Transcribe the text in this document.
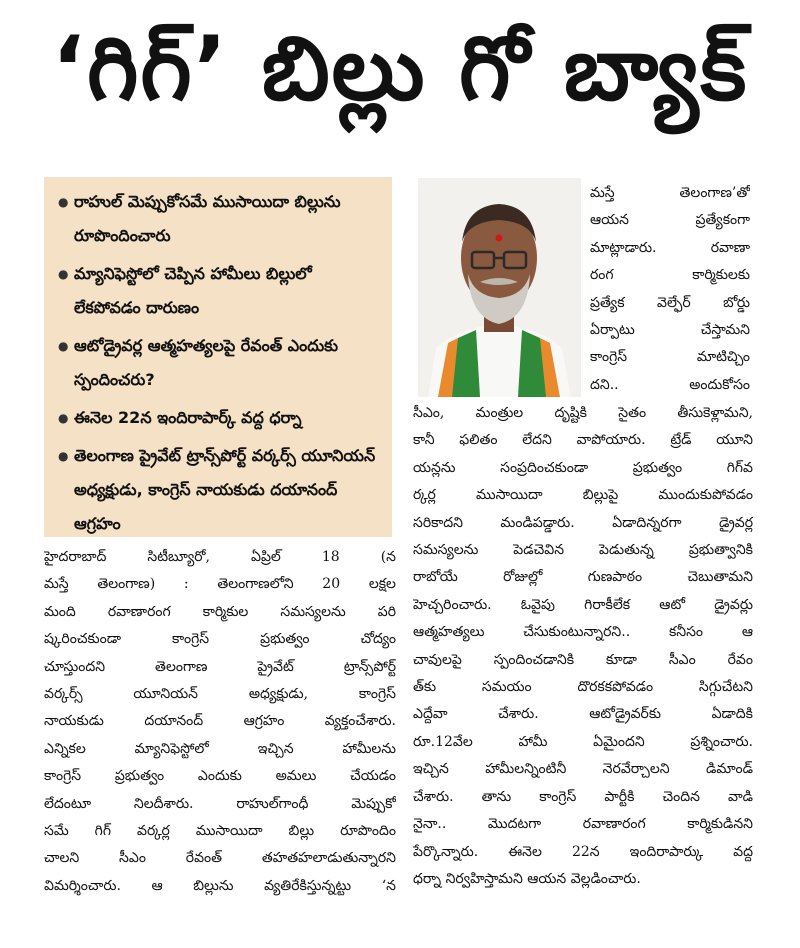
‘గిగ్’ బిల్లు గో బ్యాక్
● రాహుల్ మెప్పుకోసమే ముసాయిదా బిల్లును రూపొందించారు
● మ్యానిఫెస్టోలో చెప్పిన హామీలు బిల్లులో లేకపోవడం దారుణం
● ఆటోడ్రైవర్ల ఆత్మహత్యలపై రేవంత్ ఎందుకు స్పందించరు?
● ఈనెల 22న ఇందిరాపార్క్ వద్ద ధర్నా
● తెలంగాణ ప్రైవేట్ ట్రాన్స్‌పోర్ట్ వర్కర్స్ యూనియన్ అధ్యక్షుడు, కాంగ్రెస్ నాయకుడు దయానంద్ ఆగ్రహం
హైదరాబాద్ సిటీబ్యూరో, ఏప్రిల్ 18 (న
మస్తే తెలంగాణ) : తెలంగాణలోని 20 లక్షల
మంది రవాణారంగ కార్మికుల సమస్యలను పరి
ష్కరించకుండా కాంగ్రెస్ ప్రభుత్వం చోద్యం
చూస్తుందని తెలంగాణ ప్రైవేట్ ట్రాన్స్‌పోర్ట్
వర్కర్స్ యూనియన్ అధ్యక్షుడు, కాంగ్రెస్
నాయకుడు దయానంద్ ఆగ్రహం వ్యక్తంచేశారు.
ఎన్నికల మ్యానిఫెస్టోలో ఇచ్చిన హామీలను
కాంగ్రెస్ ప్రభుత్వం ఎందుకు అమలు చేయడం
లేదంటూ నిలదీశారు. రాహుల్‌గాంధీ మెప్పుకో
సమే గిగ్ వర్కర్ల ముసాయిదా బిల్లు రూపొందిం
చాలని సీఎం రేవంత్ తహతహలాడుతున్నారని
విమర్శించారు. ఆ బిల్లును వ్యతిరేకిస్తున్నట్టు ‘న
మస్తే తెలంగాణ’తో
ఆయన ప్రత్యేకంగా
మాట్లాడారు. రవాణా
రంగ కార్మికులకు
ప్రత్యేక వెల్ఫేర్ బోర్డు
ఏర్పాటు చేస్తామని
కాంగ్రెస్ మాటిచ్చిం
దని.. అందుకోసం
సీఎం, మంత్రుల దృష్టికి సైతం తీసుకెళ్లామని,
కానీ ఫలితం లేదని వాపోయారు. ట్రేడ్ యూని
యన్లను సంప్రదించకుండా ప్రభుత్వం గిగ్‌వ
ర్కర్ల ముసాయిదా బిల్లుపై ముందుకుపోవడం
సరికాదని మండిపడ్డారు. ఏడాదిన్నరగా డ్రైవర్ల
సమస్యలను పెడచెవిన పెడుతున్న ప్రభుత్వానికి
రాబోయే రోజుల్లో గుణపాఠం చెబుతామని
హెచ్చరించారు. ఓవైపు గిరాకీలేక ఆటో డ్రైవర్లు
ఆత్మహత్యలు చేసుకుంటున్నారని.. కనీసం ఆ
చావులపై స్పందించడానికి కూడా సీఎం రేవం
త్‌కు సమయం దొరకకపోవడం సిగ్గుచేటని
ఎద్దేవా చేశారు. ఆటోడ్రైవర్‌కు ఏడాదికి
రూ.12వేల హామీ ఏమైందని ప్రశ్నించారు.
ఇచ్చిన హామీలన్నింటినీ నెరవేర్చాలని డిమాండ్
చేశారు. తాను కాంగ్రెస్ పార్టీకి చెందిన వాడి
నైనా.. మొదటగా రవాణారంగ కార్మికుడినని
పేర్కొన్నారు. ఈనెల 22న ఇందిరాపార్కు వద్ద
ధర్నా నిర్వహిస్తామని ఆయన వెల్లడించారు.
